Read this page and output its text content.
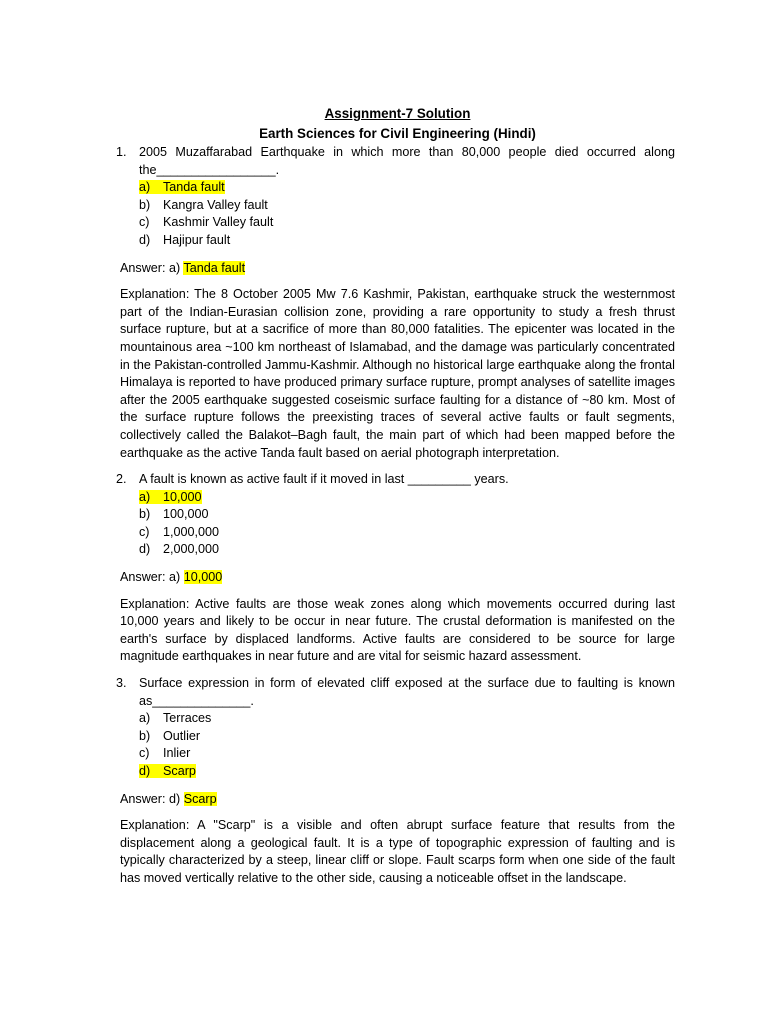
Assignment-7 Solution
Earth Sciences for Civil Engineering (Hindi)
1. 2005 Muzaffarabad Earthquake in which more than 80,000 people died occurred along the_________________.
a) Tanda fault
b) Kangra Valley fault
c) Kashmir Valley fault
d) Hajipur fault
Answer: a) Tanda fault
Explanation: The 8 October 2005 Mw 7.6 Kashmir, Pakistan, earthquake struck the westernmost part of the Indian-Eurasian collision zone, providing a rare opportunity to study a fresh thrust surface rupture, but at a sacrifice of more than 80,000 fatalities. The epicenter was located in the mountainous area ~100 km northeast of Islamabad, and the damage was particularly concentrated in the Pakistan-controlled Jammu-Kashmir. Although no historical large earthquake along the frontal Himalaya is reported to have produced primary surface rupture, prompt analyses of satellite images after the 2005 earthquake suggested coseismic surface faulting for a distance of ~80 km. Most of the surface rupture follows the preexisting traces of several active faults or fault segments, collectively called the Balakot–Bagh fault, the main part of which had been mapped before the earthquake as the active Tanda fault based on aerial photograph interpretation.
2. A fault is known as active fault if it moved in last _________ years.
a) 10,000
b) 100,000
c) 1,000,000
d) 2,000,000
Answer: a) 10,000
Explanation: Active faults are those weak zones along which movements occurred during last 10,000 years and likely to be occur in near future. The crustal deformation is manifested on the earth's surface by displaced landforms. Active faults are considered to be source for large magnitude earthquakes in near future and are vital for seismic hazard assessment.
3. Surface expression in form of elevated cliff exposed at the surface due to faulting is known as______________.
a) Terraces
b) Outlier
c) Inlier
d) Scarp
Answer: d) Scarp
Explanation: A "Scarp" is a visible and often abrupt surface feature that results from the displacement along a geological fault. It is a type of topographic expression of faulting and is typically characterized by a steep, linear cliff or slope. Fault scarps form when one side of the fault has moved vertically relative to the other side, causing a noticeable offset in the landscape.
